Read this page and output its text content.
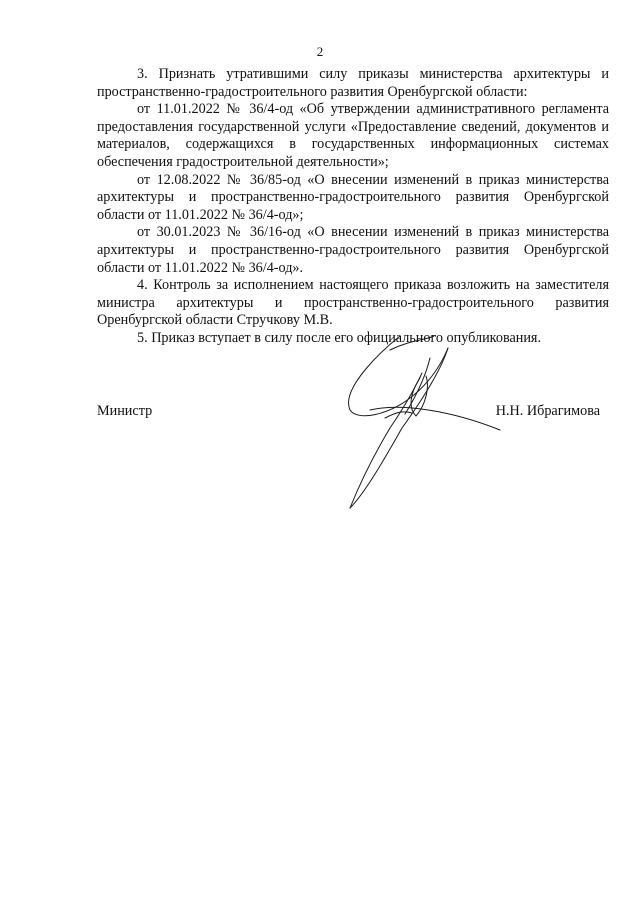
2

3. Признать утратившими силу приказы министерства архитектуры и пространственно-градостроительного развития Оренбургской области:

от 11.01.2022 № 36/4-од «Об утверждении административного регламента предоставления государственной услуги «Предоставление сведений, документов и материалов, содержащихся в государственных информационных системах обеспечения градостроительной деятельности»;

от 12.08.2022 № 36/85-од «О внесении изменений в приказ министерства архитектуры и пространственно-градостроительного развития Оренбургской области от 11.01.2022 № 36/4-од»;

от 30.01.2023 № 36/16-од «О внесении изменений в приказ министерства архитектуры и пространственно-градостроительного развития Оренбургской области от 11.01.2022 № 36/4-од».

4. Контроль за исполнением настоящего приказа возложить на заместителя министра архитектуры и пространственно-градостроительного развития Оренбургской области Стручкову М.В.

5. Приказ вступает в силу после его официального опубликования.

Министр	Н.Н. Ибрагимова
